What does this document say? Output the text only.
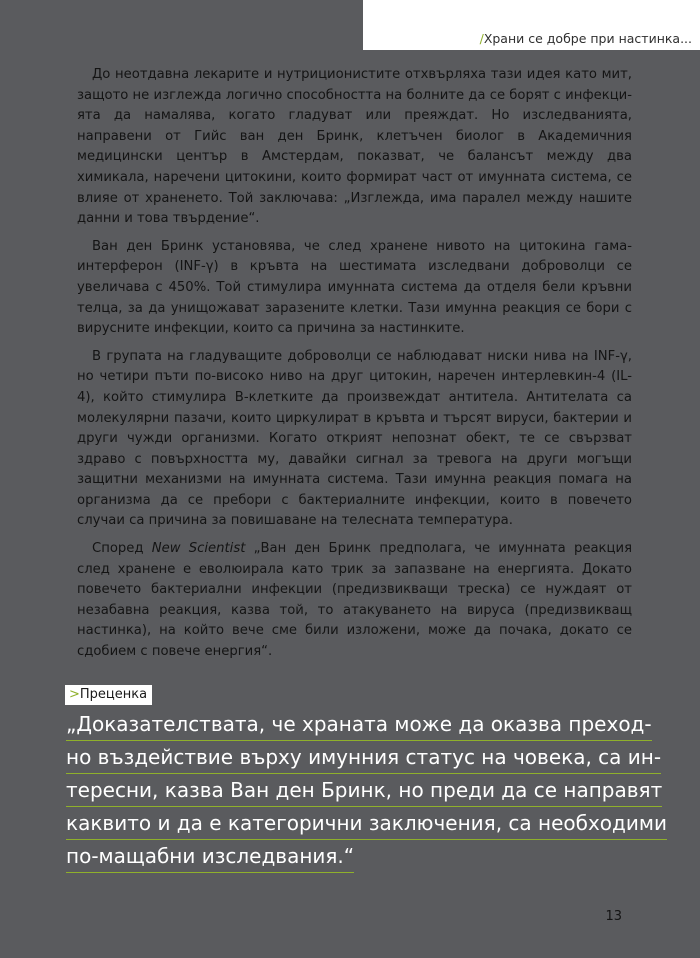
/Храни се добре при настинка...

До неотдавна лекарите и нутриционистите отхвърляха тази идея като мит, защото не изглежда логично способността на болните да се борят с инфекци-ята да намалява, когато гладуват или преяждат. Но изследванията, направени от Гийс ван ден Бринк, клетъчен биолог в Академичния медицински център в Амстердам, показват, че балансът между два химикала, наречени цитокини, които формират част от имунната система, се влияе от храненето. Той заключава: „Изглежда, има паралел между нашите данни и това твърдение“.

Ван ден Бринк установява, че след хранене нивото на цитокина гама-интерферон (INF-γ) в кръвта на шестимата изследвани доброволци се увеличава с 450%. Той стимулира имунната система да отделя бели кръвни телца, за да унищожават заразените клетки. Тази имунна реакция се бори с вирусните инфекции, които са причина за настинките.

В групата на гладуващите доброволци се наблюдават ниски нива на INF-γ, но четири пъти по-високо ниво на друг цитокин, наречен интерлевкин-4 (IL-4), който стимулира В-клетките да произвеждат антитела. Антителата са молекулярни пазачи, които циркулират в кръвта и търсят вируси, бактерии и други чужди организми. Когато открият непознат обект, те се свързват здраво с повърхността му, давайки сигнал за тревога на други могъщи защитни механизми на имунната система. Тази имунна реакция помага на организма да се пребори с бактериалните инфекции, които в повечето случаи са причина за повишаване на телесната температура.

Според New Scientist „Ван ден Бринк предполага, че имунната реакция след хранене е еволюирала като трик за запазване на енергията. Докато повечето бактериални инфекции (предизвикващи треска) се нуждаят от незабавна реакция, казва той, то атакуването на вируса (предизвикващ настинка), на който вече сме били изложени, може да почака, докато се сдобием с повече енергия“.

>Преценка
„Доказателствата, че храната може да оказва преход-
но въздействие върху имунния статус на човека, са ин-
тересни, казва Ван ден Бринк, но преди да се направят
каквито и да е категорични заключения, са необходими
по-мащабни изследвания.“
13
